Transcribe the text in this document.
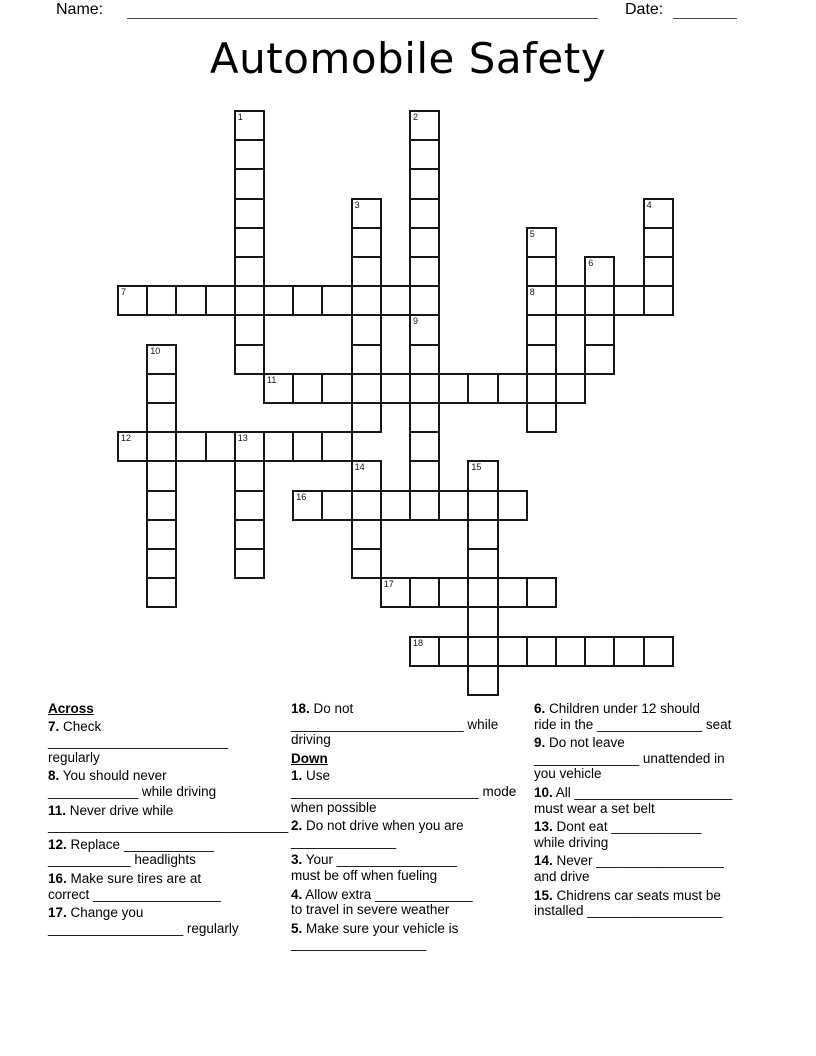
Name:	Date:
Automobile Safety
7	8
11
12	13
16
17
18
1	2
3	4
5
6
9
10
14	15
Across
7. Check
________________________
regularly
8. You should never
____________ while driving
11. Never drive while
________________________________
12. Replace ____________
___________ headlights
16. Make sure tires are at
correct _________________
17. Change you
__________________ regularly
18. Do not
_______________________ while
driving
Down
1. Use
_________________________ mode
when possible
2. Do not drive when you are
______________
3. Your ________________
must be off when fueling
4. Allow extra _____________
to travel in severe weather
5. Make sure your vehicle is
__________________
6. Children under 12 should
ride in the ______________ seat
9. Do not leave
______________ unattended in
you vehicle
10. All _____________________
must wear a set belt
13. Dont eat ____________
while driving
14. Never _________________
and drive
15. Chidrens car seats must be
installed __________________
